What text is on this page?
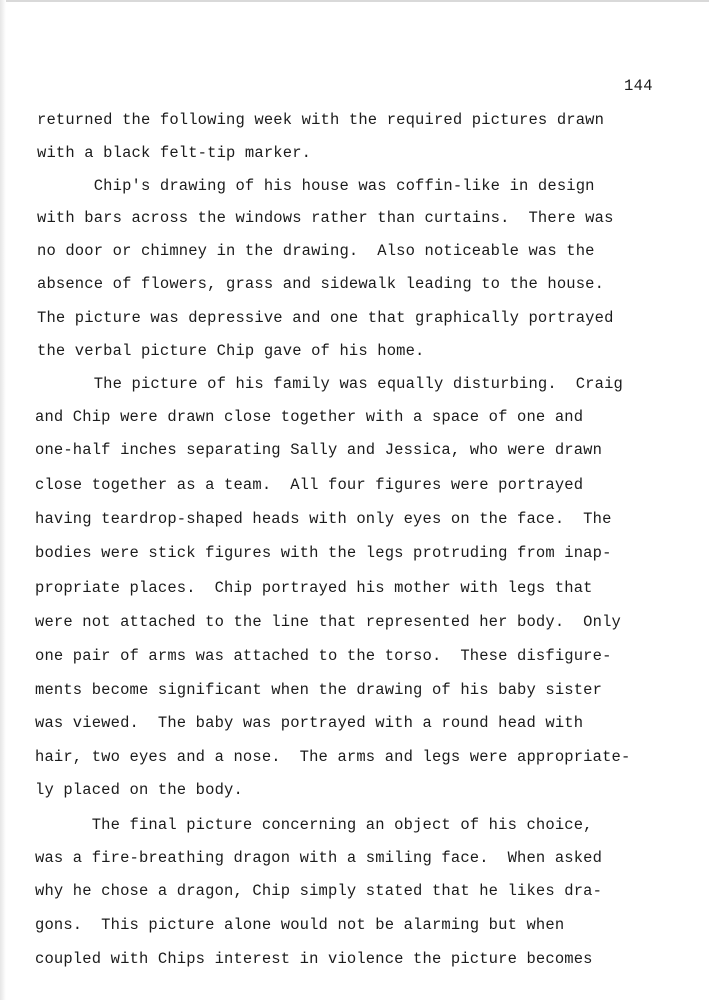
144
returned the following week with the required pictures drawn
with a black felt-tip marker.
Chip's drawing of his house was coffin-like in design
with bars across the windows rather than curtains.  There was
no door or chimney in the drawing.  Also noticeable was the
absence of flowers, grass and sidewalk leading to the house.
The picture was depressive and one that graphically portrayed
the verbal picture Chip gave of his home.
The picture of his family was equally disturbing.  Craig
and Chip were drawn close together with a space of one and
one-half inches separating Sally and Jessica, who were drawn
close together as a team.  All four figures were portrayed
having teardrop-shaped heads with only eyes on the face.  The
bodies were stick figures with the legs protruding from inap-
propriate places.  Chip portrayed his mother with legs that
were not attached to the line that represented her body.  Only
one pair of arms was attached to the torso.  These disfigure-
ments become significant when the drawing of his baby sister
was viewed.  The baby was portrayed with a round head with
hair, two eyes and a nose.  The arms and legs were appropriate-
ly placed on the body.
The final picture concerning an object of his choice,
was a fire-breathing dragon with a smiling face.  When asked
why he chose a dragon, Chip simply stated that he likes dra-
gons.  This picture alone would not be alarming but when
coupled with Chips interest in violence the picture becomes
